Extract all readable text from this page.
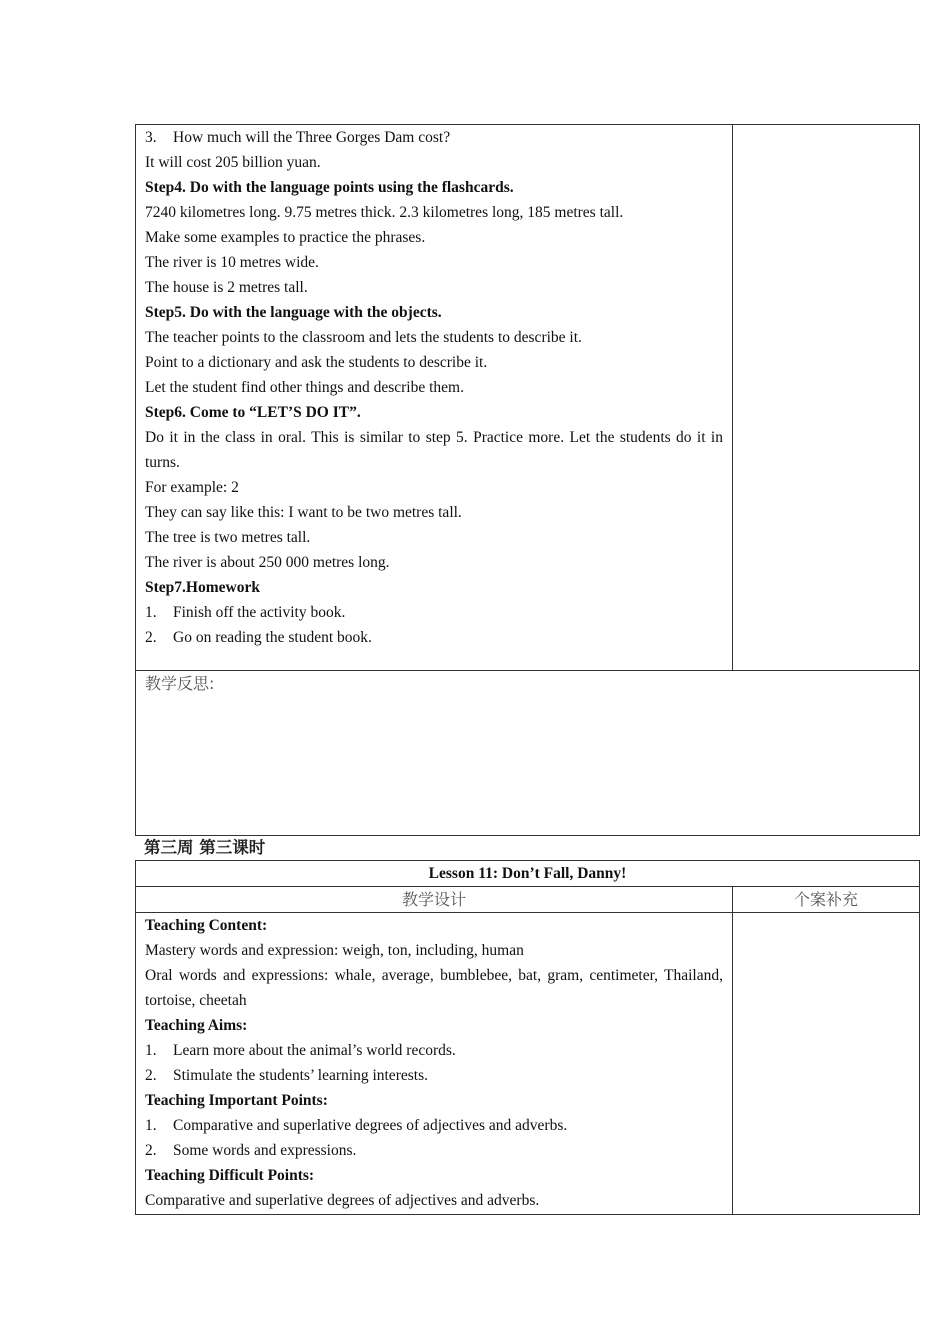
3. How much will the Three Gorges Dam cost?
It will cost 205 billion yuan.
Step4. Do with the language points using the flashcards.
7240 kilometres long. 9.75 metres thick. 2.3 kilometres long, 185 metres tall.
Make some examples to practice the phrases.
The river is 10 metres wide.
The house is 2 metres tall.
Step5. Do with the language with the objects.
The teacher points to the classroom and lets the students to describe it.
Point to a dictionary and ask the students to describe it.
Let the student find other things and describe them.
Step6. Come to “LET’S DO IT”.
Do it in the class in oral. This is similar to step 5. Practice more. Let the students do it in turns.
For example: 2
They can say like this: I want to be two metres tall.
The tree is two metres tall.
The river is about 250 000 metres long.
Step7.Homework
1. Finish off the activity book.
2. Go on reading the student book.
教学反思:
第三周 第三课时
Lesson 11: Don’t Fall, Danny!
教学设计	个案补充
Teaching Content:
Mastery words and expression: weigh, ton, including, human
Oral words and expressions: whale, average, bumblebee, bat, gram, centimeter, Thailand, tortoise, cheetah
Teaching Aims:
1. Learn more about the animal’s world records.
2. Stimulate the students’ learning interests.
Teaching Important Points:
1. Comparative and superlative degrees of adjectives and adverbs.
2. Some words and expressions.
Teaching Difficult Points:
Comparative and superlative degrees of adjectives and adverbs.
